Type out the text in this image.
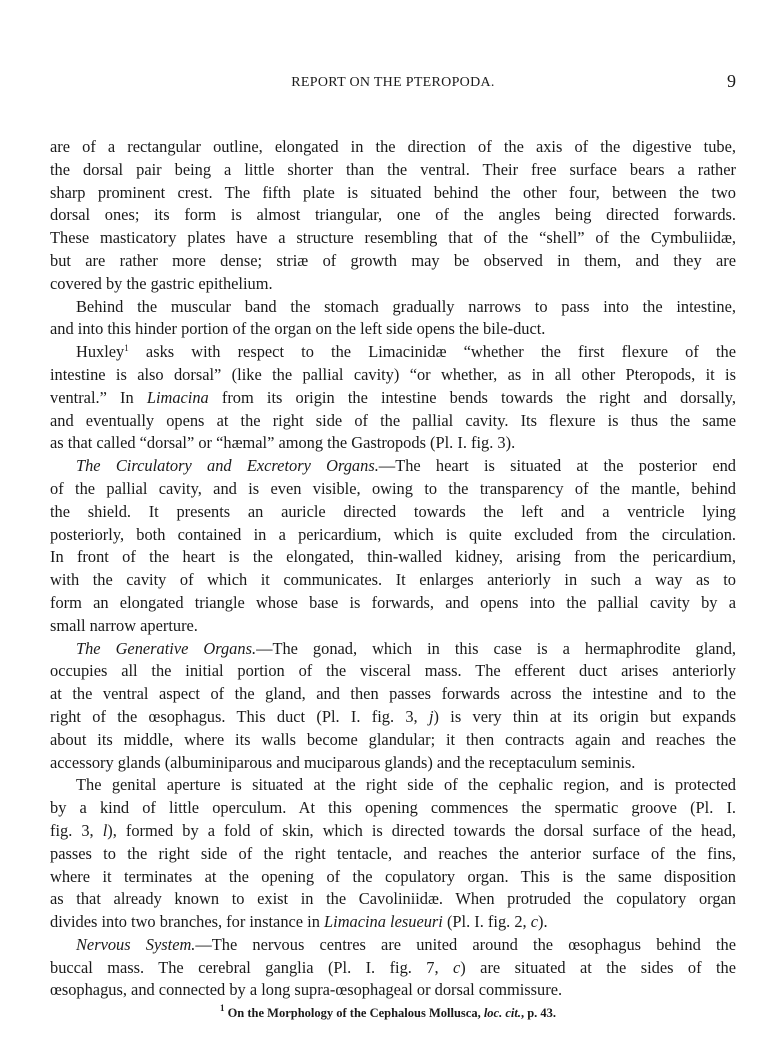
REPORT ON THE PTEROPODA.	9
are of a rectangular outline, elongated in the direction of the axis of the digestive tube,
the dorsal pair being a little shorter than the ventral. Their free surface bears a rather
sharp prominent crest. The fifth plate is situated behind the other four, between the two
dorsal ones; its form is almost triangular, one of the angles being directed forwards.
These masticatory plates have a structure resembling that of the “shell” of the Cymbuliidæ,
but are rather more dense; striæ of growth may be observed in them, and they are
covered by the gastric epithelium.
Behind the muscular band the stomach gradually narrows to pass into the intestine,
and into this hinder portion of the organ on the left side opens the bile-duct.
Huxley$^1$ asks with respect to the Limacinidæ “whether the first flexure of the
intestine is also dorsal” (like the pallial cavity) “or whether, as in all other Pteropods, it is
ventral.” In Limacina from its origin the intestine bends towards the right and dorsally,
and eventually opens at the right side of the pallial cavity. Its flexure is thus the same
as that called “dorsal” or “hæmal” among the Gastropods (Pl. I. fig. 3).
The Circulatory and Excretory Organs.—The heart is situated at the posterior end
of the pallial cavity, and is even visible, owing to the transparency of the mantle, behind
the shield. It presents an auricle directed towards the left and a ventricle lying
posteriorly, both contained in a pericardium, which is quite excluded from the circulation.
In front of the heart is the elongated, thin-walled kidney, arising from the pericardium,
with the cavity of which it communicates. It enlarges anteriorly in such a way as to
form an elongated triangle whose base is forwards, and opens into the pallial cavity by a
small narrow aperture.
The Generative Organs.—The gonad, which in this case is a hermaphrodite gland,
occupies all the initial portion of the visceral mass. The efferent duct arises anteriorly
at the ventral aspect of the gland, and then passes forwards across the intestine and to the
right of the œsophagus. This duct (Pl. I. fig. 3, j) is very thin at its origin but expands
about its middle, where its walls become glandular; it then contracts again and reaches the
accessory glands (albuminiparous and muciparous glands) and the receptaculum seminis.
The genital aperture is situated at the right side of the cephalic region, and is protected
by a kind of little operculum. At this opening commences the spermatic groove (Pl. I.
fig. 3, l), formed by a fold of skin, which is directed towards the dorsal surface of the head,
passes to the right side of the right tentacle, and reaches the anterior surface of the fins,
where it terminates at the opening of the copulatory organ. This is the same disposition
as that already known to exist in the Cavoliniidæ. When protruded the copulatory organ
divides into two branches, for instance in Limacina lesueuri (Pl. I. fig. 2, c).
Nervous System.—The nervous centres are united around the œsophagus behind the
buccal mass. The cerebral ganglia (Pl. I. fig. 7, c) are situated at the sides of the
œsophagus, and connected by a long supra-œsophageal or dorsal commissure.
$^1$ On the Morphology of the Cephalous Mollusca, loc. cit., p. 43.
